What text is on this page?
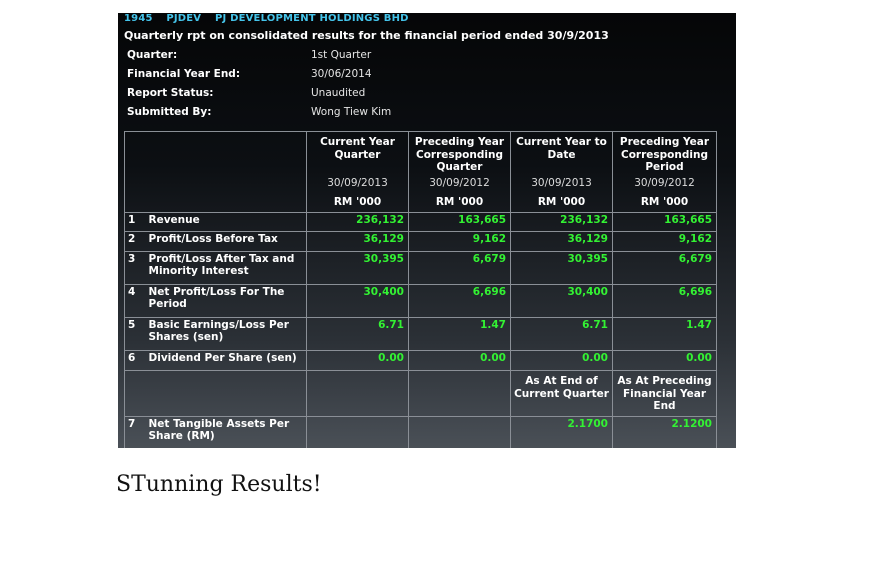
1945 PJDEV PJ DEVELOPMENT HOLDINGS BHD
Quarterly rpt on consolidated results for the financial period ended 30/9/2013
Quarter:	1st Quarter
Financial Year End:	30/06/2014
Report Status:	Unaudited
Submitted By:	Wong Tiew Kim
		Current Year Quarter	Preceding Year Corresponding Quarter	Current Year to Date	Preceding Year Corresponding Period
		30/09/2013	30/09/2012	30/09/2013	30/09/2012
		RM '000	RM '000	RM '000	RM '000
1	Revenue	236,132	163,665	236,132	163,665
2	Profit/Loss Before Tax	36,129	9,162	36,129	9,162
3	Profit/Loss After Tax and Minority Interest	30,395	6,679	30,395	6,679
4	Net Profit/Loss For The Period	30,400	6,696	30,400	6,696
5	Basic Earnings/Loss Per Shares (sen)	6.71	1.47	6.71	1.47
6	Dividend Per Share (sen)	0.00	0.00	0.00	0.00
				As At End of Current Quarter	As At Preceding Financial Year End
7	Net Tangible Assets Per Share (RM)			2.1700	2.1200
STunning Results!
